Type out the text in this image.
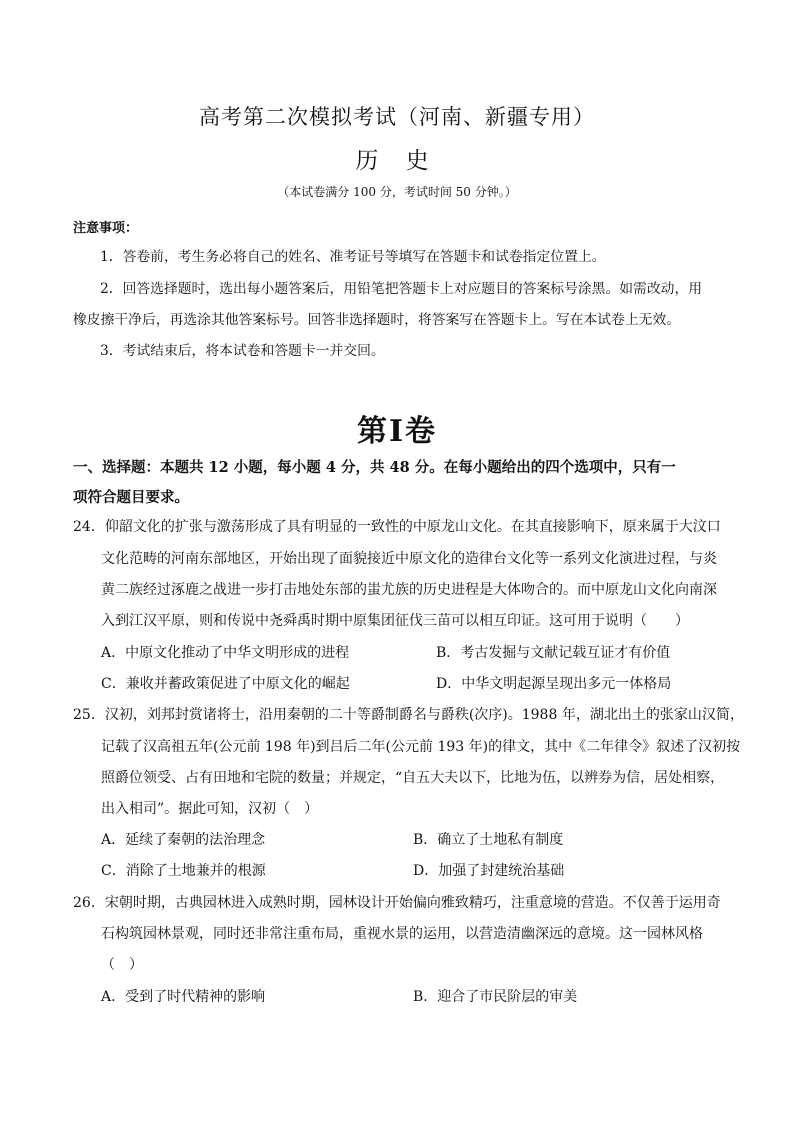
高考第二次模拟考试（河南、新疆专用）
历 史
（本试卷满分 100 分，考试时间 50 分钟。）
注意事项：
1．答卷前，考生务必将自己的姓名、准考证号等填写在答题卡和试卷指定位置上。
2．回答选择题时，选出每小题答案后，用铅笔把答题卡上对应题目的答案标号涂黑。如需改动，用
橡皮擦干净后，再选涂其他答案标号。回答非选择题时，将答案写在答题卡上。写在本试卷上无效。
3．考试结束后，将本试卷和答题卡一并交回。
第Ⅰ卷
一、选择题：本题共 12 小题，每小题 4 分，共 48 分。在每小题给出的四个选项中，只有一
项符合题目要求。
24．仰韶文化的扩张与激荡形成了具有明显的一致性的中原龙山文化。在其直接影响下，原来属于大汶口
文化范畴的河南东部地区，开始出现了面貌接近中原文化的造律台文化等一系列文化演进过程，与炎
黄二族经过涿鹿之战进一步打击地处东部的蚩尤族的历史进程是大体吻合的。而中原龙山文化向南深
入到江汉平原，则和传说中尧舜禹时期中原集团征伐三苗可以相互印证。这可用于说明（　　）
A．中原文化推动了中华文明形成的进程	B．考古发掘与文献记载互证才有价值
C．兼收并蓄政策促进了中原文化的崛起	D．中华文明起源呈现出多元一体格局
25．汉初，刘邦封赏诸将士，沿用秦朝的二十等爵制爵名与爵秩(次序)。1988 年，湖北出土的张家山汉简，
记载了汉高祖五年(公元前 198 年)到吕后二年(公元前 193 年)的律文，其中《二年律令》叙述了汉初按
照爵位领受、占有田地和宅院的数量；并规定，“自五大夫以下，比地为伍，以辨券为信，居处相察，
出入相司”。据此可知，汉初（　）
A．延续了秦朝的法治理念	B．确立了土地私有制度
C．消除了土地兼并的根源	D．加强了封建统治基础
26．宋朝时期，古典园林进入成熟时期，园林设计开始偏向雅致精巧，注重意境的营造。不仅善于运用奇
石构筑园林景观，同时还非常注重布局，重视水景的运用，以营造清幽深远的意境。这一园林风格
（　）
A．受到了时代精神的影响	B．迎合了市民阶层的审美
